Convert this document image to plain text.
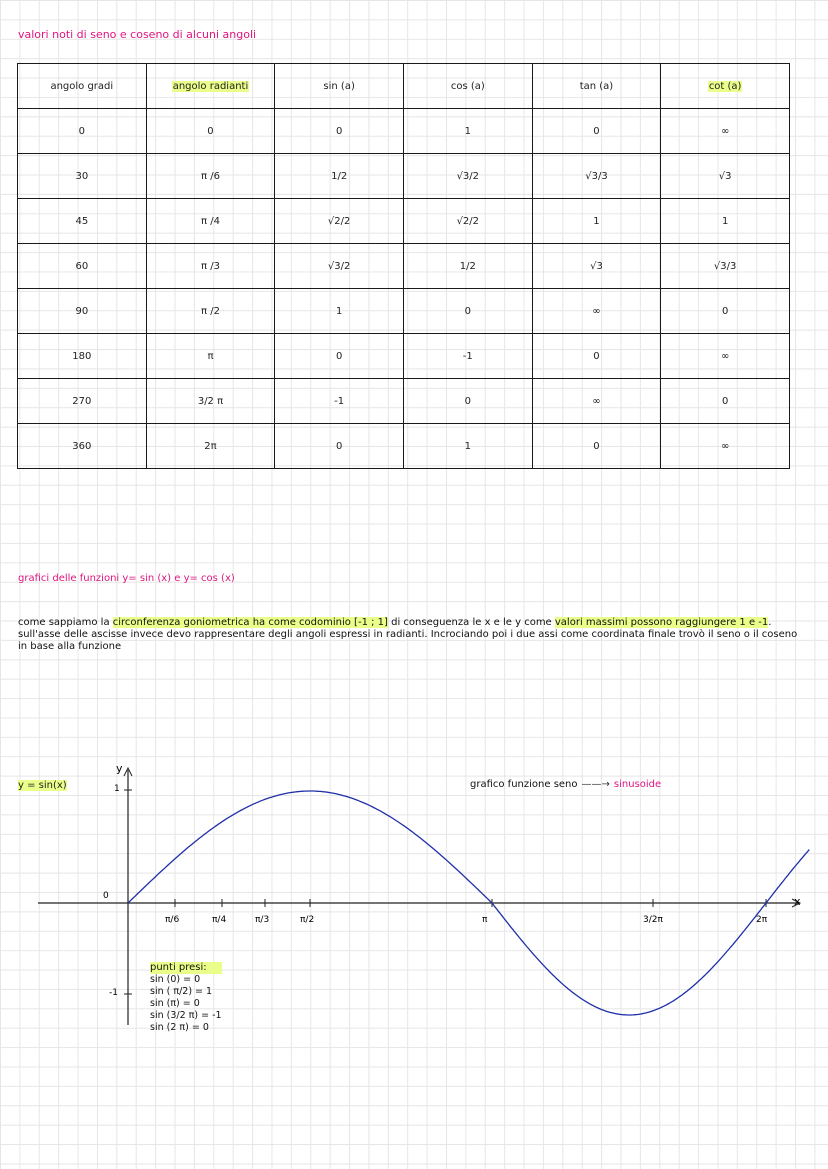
valori noti di seno e coseno di alcuni angoli
angolo gradi	angolo radianti	sin (a)	cos (a)	tan (a)	cot (a)
0	0	0	1	0	∞
30	π /6	1/2	√3/2	√3/3	√3
45	π /4	√2/2	√2/2	1	1
60	π /3	√3/2	1/2	√3	√3/3
90	π /2	1	0	∞	0
180	π	0	-1	0	∞
270	3/2 π	-1	0	∞	0
360	2π	0	1	0	∞
grafici delle funzioni y= sin (x) e y= cos (x)
come sappiamo la circonferenza goniometrica ha come codominio [-1 ; 1] di conseguenza le x e le y come valori massimi possono raggiungere 1 e -1. sull'asse delle ascisse invece devo rappresentare degli angoli espressi in radianti. Incrociando poi i due assi come coordinata finale trovò il seno o il coseno in base alla funzione
y = sin(x)	grafico funzione seno ——→ sinusoide
y
x
1
0
-1
π/6	π/4	π/3	π/2	π	3/2π	2π
punti presi:
sin (0) = 0
sin ( π/2) = 1
sin (π) = 0
sin (3/2 π) = -1
sin (2 π) = 0
